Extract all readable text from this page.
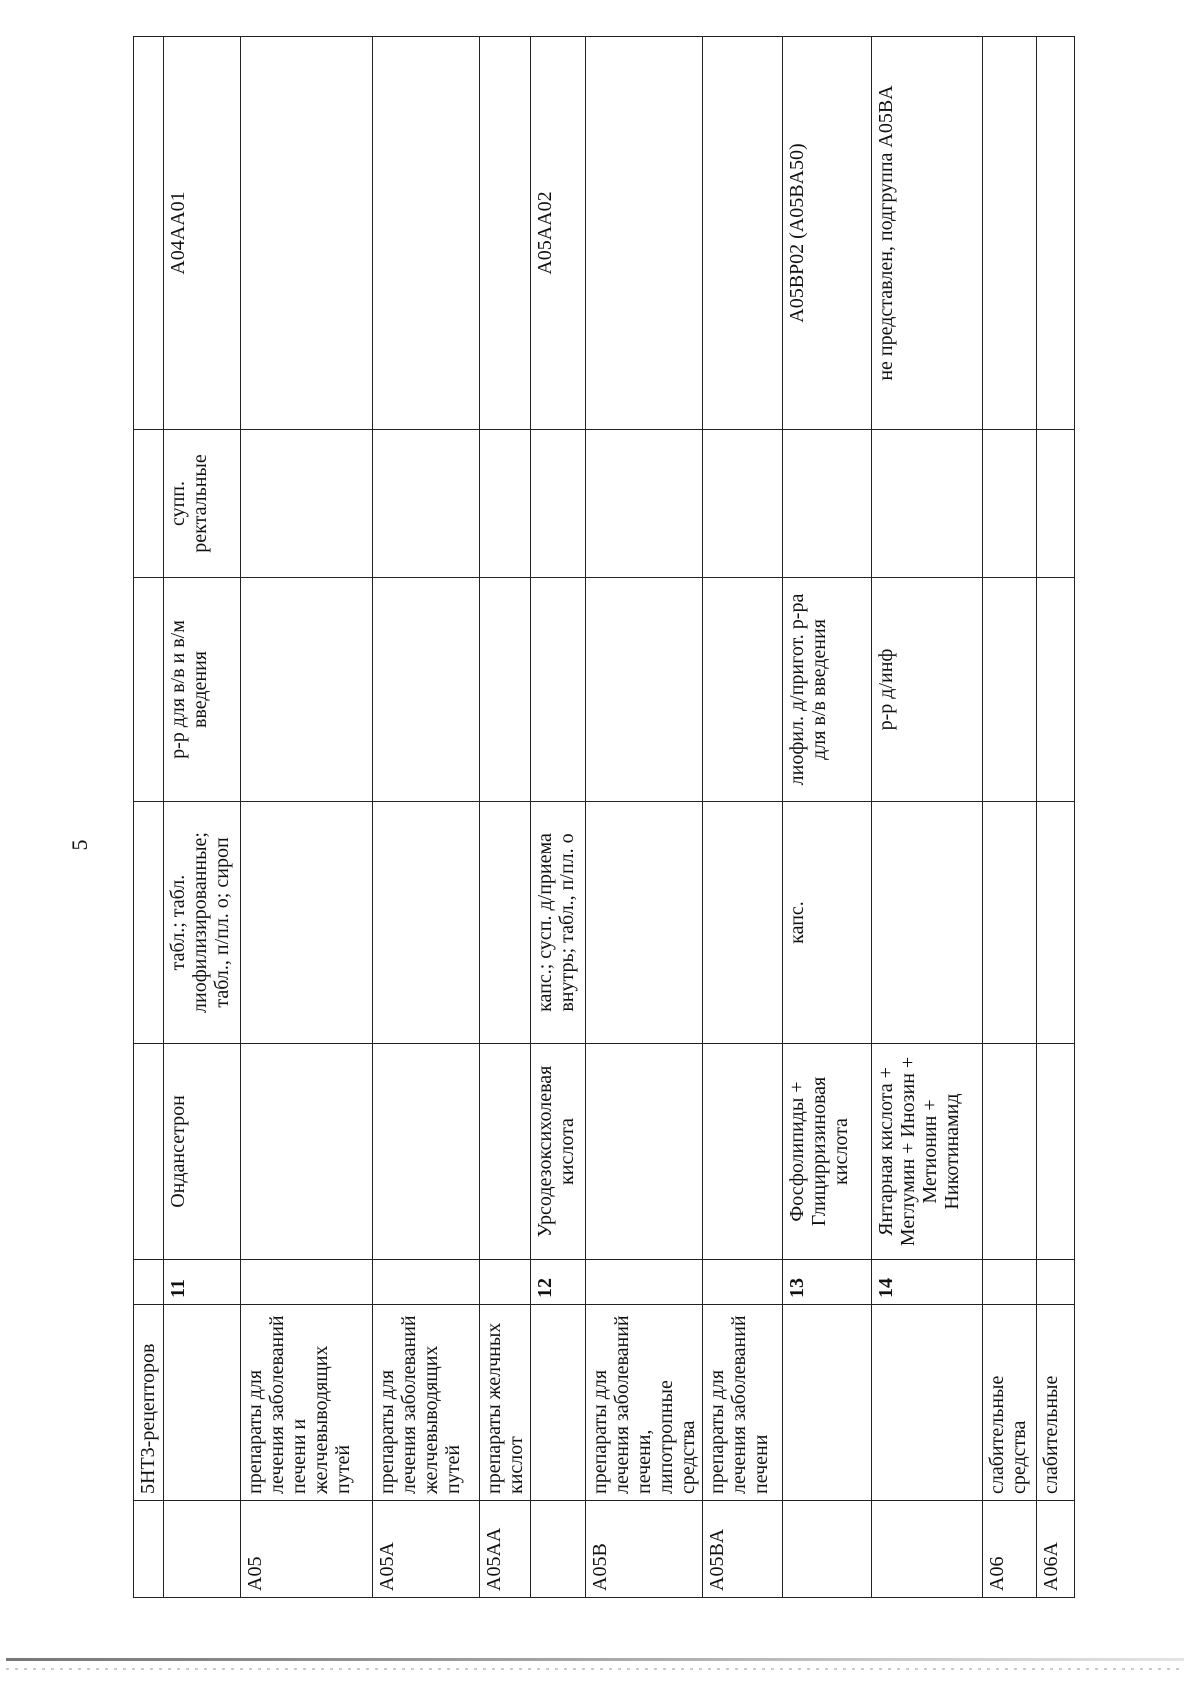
5
	5HT3-рецепторов						
		11	Ондансетрон	табл.; табл. лиофилизированные; табл., п/пл. о; сироп	р-р для в/в и в/м введения	супп. ректальные	A04AA01
A05	препараты для лечения заболеваний печени и желчевыводящих путей						
A05A	препараты для лечения заболеваний желчевыводящих путей						
A05AA	препараты желчных кислот						
		12	Урсодезоксихолевая кислота	капс.; сусп. д/приема внутрь; табл., п/пл. о			A05AA02
A05B	препараты для лечения заболеваний печени, липотропные средства						
A05BA	препараты для лечения заболеваний печени						
		13	Фосфолипиды + Глицирризиновая кислота	капс.	лиофил. д/пригот. р-ра для в/в введения		A05BP02 (A05BA50)
		14	Янтарная кислота + Меглумин + Инозин + Метионин + Никотинамид		р-р д/инф		не представлен, подгруппа A05BA
A06	слабительные средства						
A06A	слабительные						
